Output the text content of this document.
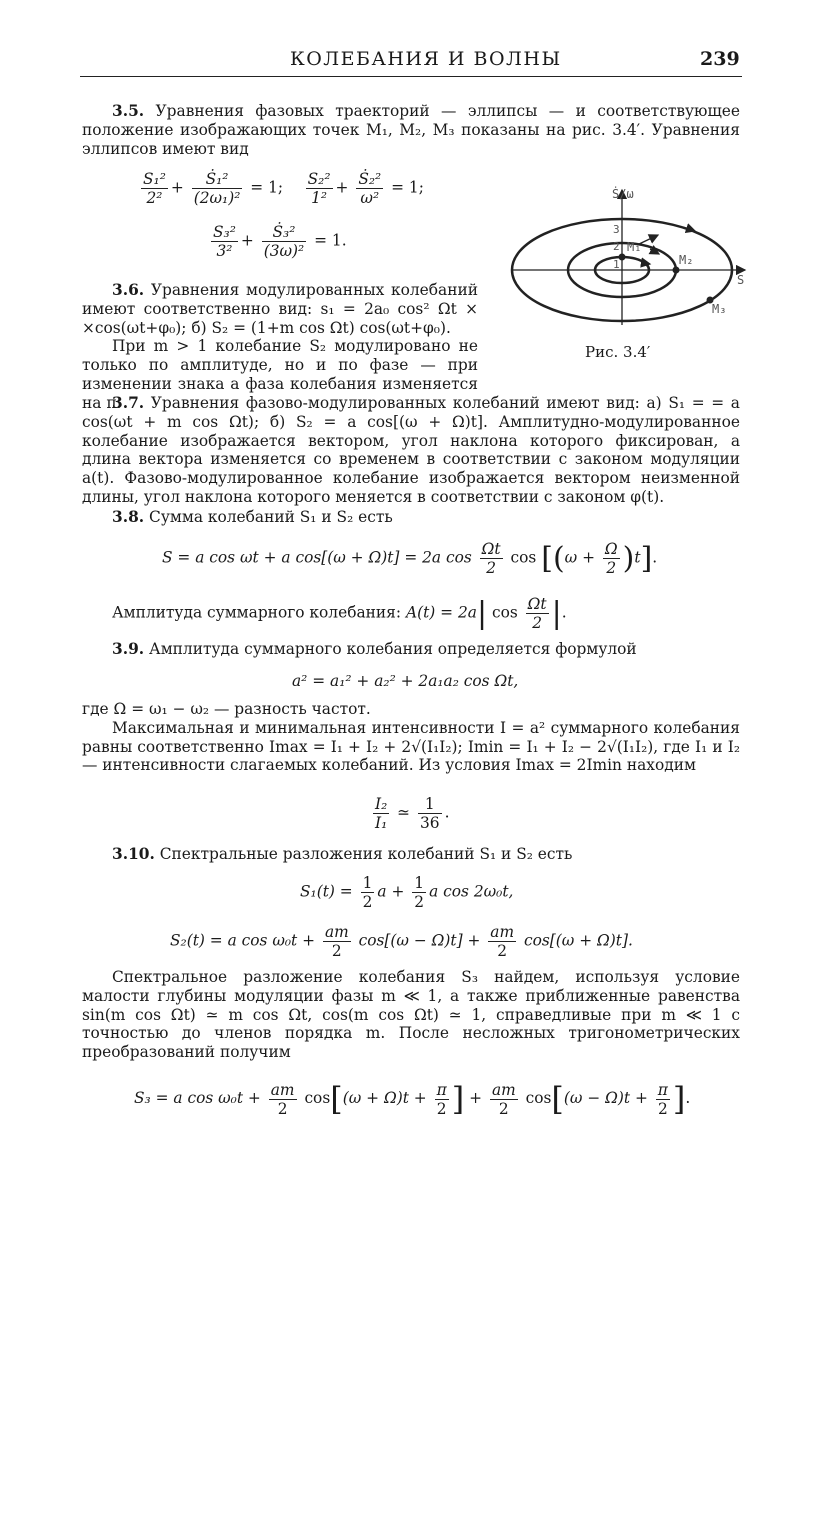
КОЛЕБАНИЯ И ВОЛНЫ	239

3.5. Уравнения фазовых траекторий — эллипсы — и соответствующее положение изображающих точек M₁, M₂, M₃ показаны на рис. 3.4′. Уравнения эллипсов имеют вид

$\frac{\text{S₁²}}{\text{2²}} + \frac{\text{Ṡ₁²}}{\text{(2ω₁)²}} = 1$; $\frac{\text{S₂²}}{\text{1²}} + \frac{\text{Ṡ₂²}}{\text{ω²}} = 1$;
$\frac{\text{S₃²}}{\text{3²}} + \frac{\text{Ṡ₃²}}{\text{(3ω)²}} = 1$.
Ṡ/ω
S
1
2
3
M₁
M₂
M₃
Рис. 3.4′

3.6. Уравнения модулированных колебаний имеют соответственно вид: s₁ = 2a₀ cos² Ωt × ×cos(ωt+φ₀); б) S₂ = (1+m cos Ωt) cos(ωt+φ₀).

При m > 1 колебание S₂ модулировано не только по амплитуде, но и по фазе — при изменении знака a фаза колебания изменяется на π.

3.7. Уравнения фазово-модулированных колебаний имеют вид: а) S₁ = = a cos(ωt + m cos Ωt); б) S₂ = a cos[(ω + Ω)t]. Амплитудно-модулированное колебание изображается вектором, угол наклона которого фиксирован, а длина вектора изменяется со временем в соответствии с законом модуляции a(t). Фазово-модулированное колебание изображается вектором неизменной длины, угол наклона которого меняется в соответствии с законом φ(t).

3.8. Сумма колебаний S₁ и S₂ есть

S = a cos ωt + a cos[(ω + Ω)t] = 2a $\cos \frac{\Omega t}{2}$ $\cos [(\omega + \frac{\Omega}{2} )t]$.
Амплитуда суммарного колебания: A(t) = 2a| $\cos \frac{\Omega t}{2}$ |.

3.9. Амплитуда суммарного колебания определяется формулой

a² = a₁² + a₂² + 2a₁a₂ cos Ωt,

где Ω = ω₁ − ω₂ — разность частот.

Максимальная и минимальная интенсивности I = a² суммарного колебания равны соответственно Imax = I₁ + I₂ + 2√(I₁I₂); Imin = I₁ + I₂ − 2√(I₁I₂), где I₁ и I₂ — интенсивности слагаемых колебаний. Из условия Imax = 2Imin находим

$\frac{\text{I₂}}{\text{I₁}}$ ≃ $\frac{1}{36}$ .

3.10. Спектральные разложения колебаний S₁ и S₂ есть

$S_1(t) = \frac{1}{2}$ $a + \frac{1}{2}$ a cos 2ω₀t,
S₂(t) = a $\cos \omega_0t + \frac{am}{2} \cos[(\omega - \Omega)t] + \frac{am}{2} \cos[(\omega + \Omega)t]$.

Спектральное разложение колебания S₃ найдем, используя условие малости глубины модуляции фазы m ≪ 1, а также приближенные равенства sin(m cos Ωt) ≃ m cos Ωt, cos(m cos Ωt) ≃ 1, справедливые при m ≪ 1 с точностью до членов порядка m. После несложных тригонометрических преобразований получим

S₃ = a $\cos \omega_0t + \frac{am}{2} \cos[(\omega + \Omega)t + \frac{\pi}{2}$ ] + $\frac{am}{2} \cos[(\omega - \Omega)t + \frac{\pi}{2}$ ].
